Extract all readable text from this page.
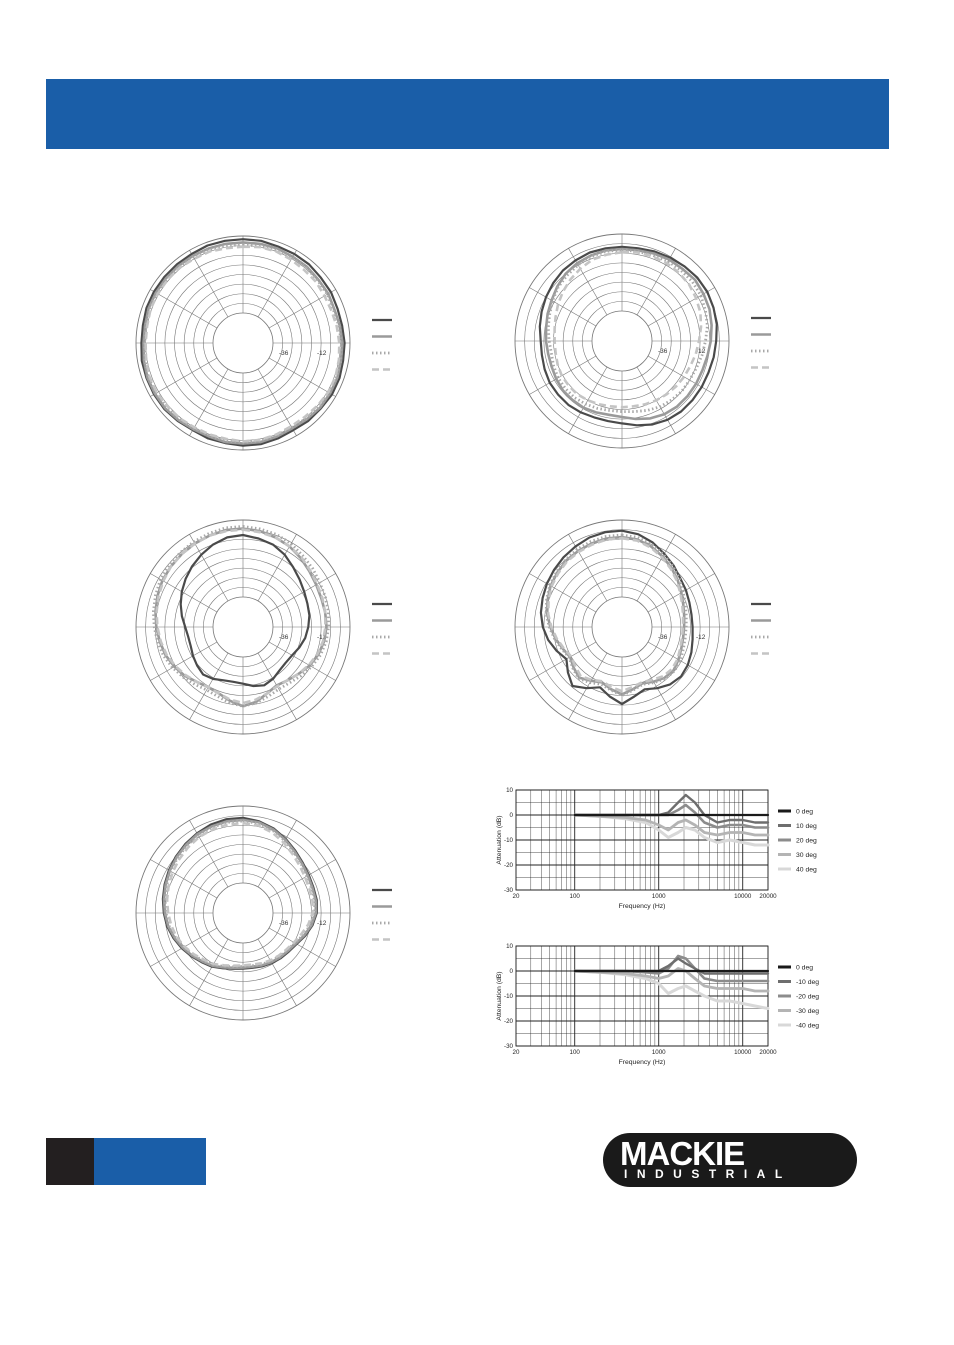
-36	-12	-36	-12
-36	-12	-36	-12
-36	-12
10
0
-10
-20
-30
20	100	1000	10000 20000
Frequency (Hz)
Attenuation (dB)
0 deg
10 deg
20 deg
30 deg
40 deg
10
0
-10
-20
-30
20	100	1000	10000 20000
Frequency (Hz)
Attenuation (dB)
0 deg
-10 deg
-20 deg
-30 deg
-40 deg
MACKIE
INDUSTRIAL
